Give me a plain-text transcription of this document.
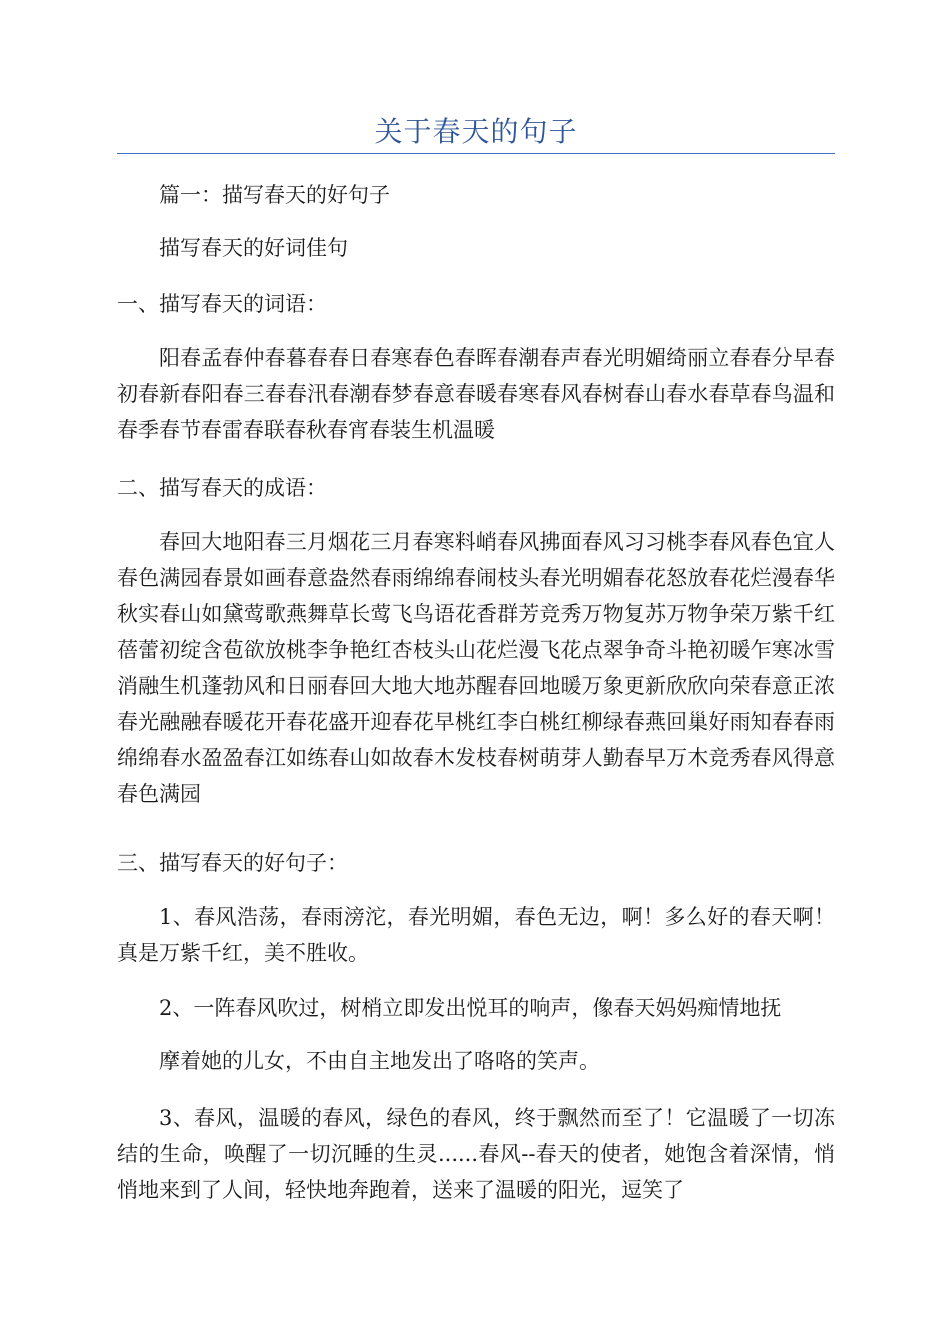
关于春天的句子

篇一：描写春天的好句子

描写春天的好词佳句

一、描写春天的词语：

阳春孟春仲春暮春春日春寒春色春晖春潮春声春光明媚绮丽立春春分早春初春新春阳春三春春汛春潮春梦春意春暖春寒春风春树春山春水春草春鸟温和春季春节春雷春联春秋春宵春装生机温暖

二、描写春天的成语：

春回大地阳春三月烟花三月春寒料峭春风拂面春风习习桃李春风春色宜人春色满园春景如画春意盎然春雨绵绵春闹枝头春光明媚春花怒放春花烂漫春华秋实春山如黛莺歌燕舞草长莺飞鸟语花香群芳竞秀万物复苏万物争荣万紫千红蓓蕾初绽含苞欲放桃李争艳红杏枝头山花烂漫飞花点翠争奇斗艳初暖乍寒冰雪消融生机蓬勃风和日丽春回大地大地苏醒春回地暖万象更新欣欣向荣春意正浓春光融融春暖花开春花盛开迎春花早桃红李白桃红柳绿春燕回巢好雨知春春雨绵绵春水盈盈春江如练春山如故春木发枝春树萌芽人勤春早万木竞秀春风得意春色满园

三、描写春天的好句子：

1、春风浩荡，春雨滂沱，春光明媚，春色无边，啊！多么好的春天啊！真是万紫千红，美不胜收。

2、一阵春风吹过，树梢立即发出悦耳的响声，像春天妈妈痴情地抚

摩着她的儿女，不由自主地发出了咯咯的笑声。

3、春风，温暖的春风，绿色的春风，终于飘然而至了！它温暖了一切冻结的生命，唤醒了一切沉睡的生灵......春风--春天的使者，她饱含着深情，悄悄地来到了人间，轻快地奔跑着，送来了温暖的阳光，逗笑了
